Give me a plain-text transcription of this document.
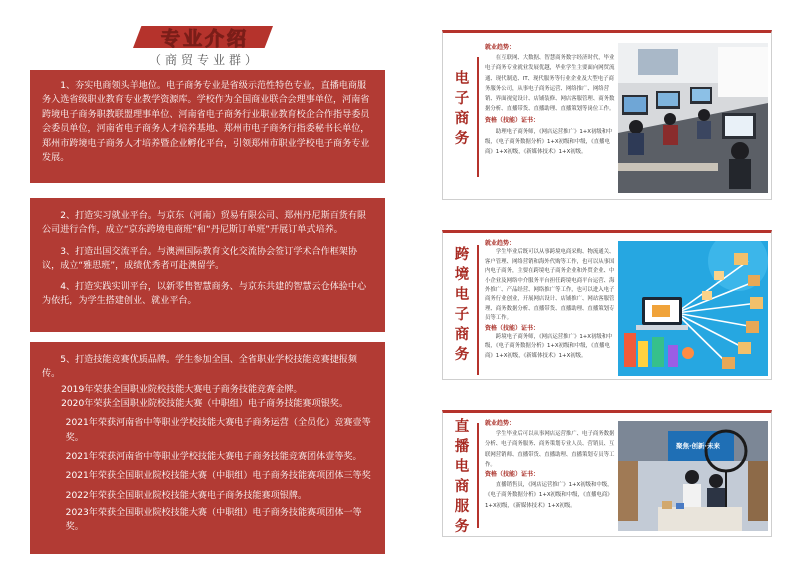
专业介绍
（商贸专业群）

1、夯实电商领头羊地位。电子商务专业是省级示范性特色专业，直播电商服务入选省级职业教育专业教学资源库。学校作为全国商业联合会理事单位，河南省跨境电子商务职教联盟理事单位、河南省电子商务行业职业教育校企合作指导委员会委员单位，河南省电子商务人才培养基地、郑州市电子商务行指委秘书长单位，郑州市跨境电子商务人才培养暨企业孵化平台，引领郑州市职业学校电子商务专业发展。

2、打造实习就业平台。与京东（河南）贸易有限公司、郑州丹尼斯百货有限公司进行合作，成立“京东跨境电商班”和“丹尼斯订单班”开展订单式培养。

3、打造出国交流平台。与澳洲国际教育文化交流协会签订学术合作框架协议，成立“雅思班”，成绩优秀者可赴澳留学。

4、打造实践实训平台，以新零售智慧商务、与京东共建的智慧云仓体验中心为依托，为学生搭建创业、就业平台。

5、打造技能竞赛优质品牌。学生参加全国、全省职业学校技能竞赛捷报频传。

2019年荣获全国职业院校技能大赛电子商务技能竞赛金牌。

2020年荣获全国职业院校技能大赛（中职组）电子商务技能赛项银奖。

2021年荣获河南省中等职业学校技能大赛电子商务运营（全员化）竞赛壹等奖。

2021年荣获河南省中等职业学校技能大赛电子商务技能竞赛团体壹等奖。

2021年荣获全国职业院校技能大赛（中职组）电子商务技能赛项团体三等奖

2022年荣获全国职业院校技能大赛电子商务技能赛项银牌。

2023年荣获全国职业院校技能大赛（中职组）电子商务技能赛项团体一等奖。

电子商务
就业趋势：
在互联网、大数据、智慧商务数字经济时代，毕业电子商务专业就业发展优越，毕业学生主要面向网贸流通、现代制造、IT、现代服务等行业企业及大型电子商务服务公司，从事电子商务运营、网络推广、网络营销、界面视觉设计、店铺装修、网店客服管理、商务数据分析、直播带货、直播助理、直播策划等岗位工作。
资格（技能）证书：
助理电子商务师，《网店运营推广》1+X初级和中级，《电子商务数据分析》1+X初级和中级，《直播电商》1+X初级，《新媒体技术》1+X初级。
跨境电子商务
就业趋势：
学生毕业后既可以从事跨境电商采购、物流通关、客户管理、网络营销和海外代购等工作，也可以从事国内电子商务，主要在跨境电子商务企业和外贸企业、中小企业及网络中介服务平台担任跨境电商平台运营、海外推广、产品经营、网络推广等工作，也可以进入电子商务行业创业，开展网店设计、店铺推广、网站客服管理、商务数据分析、直播带货、直播助理、直播策划专员等工作。
资格（技能）证书：
跨境电子商务师，《网店运营推广》1+X初级和中级，《电子商务数据分析》1+X初级和中级，《直播电商》1+X初级，《新媒体技术》1+X初级。
直播电商服务
就业趋势：
学生毕业后可以从事网店运营推广、电子商务数据分析、电子商务服务、商务策划专业人员、营销员、互联网营销师、直播带货、直播助理、直播策划专员等工作。
资格（技能）证书：
直播销售员，《网店运营推广》1+X初级和中级，《电子商务数据分析》1+X初级和中级，《直播电商》1+X初级，《新媒体技术》1+X初级。
聚焦·创新·未来
